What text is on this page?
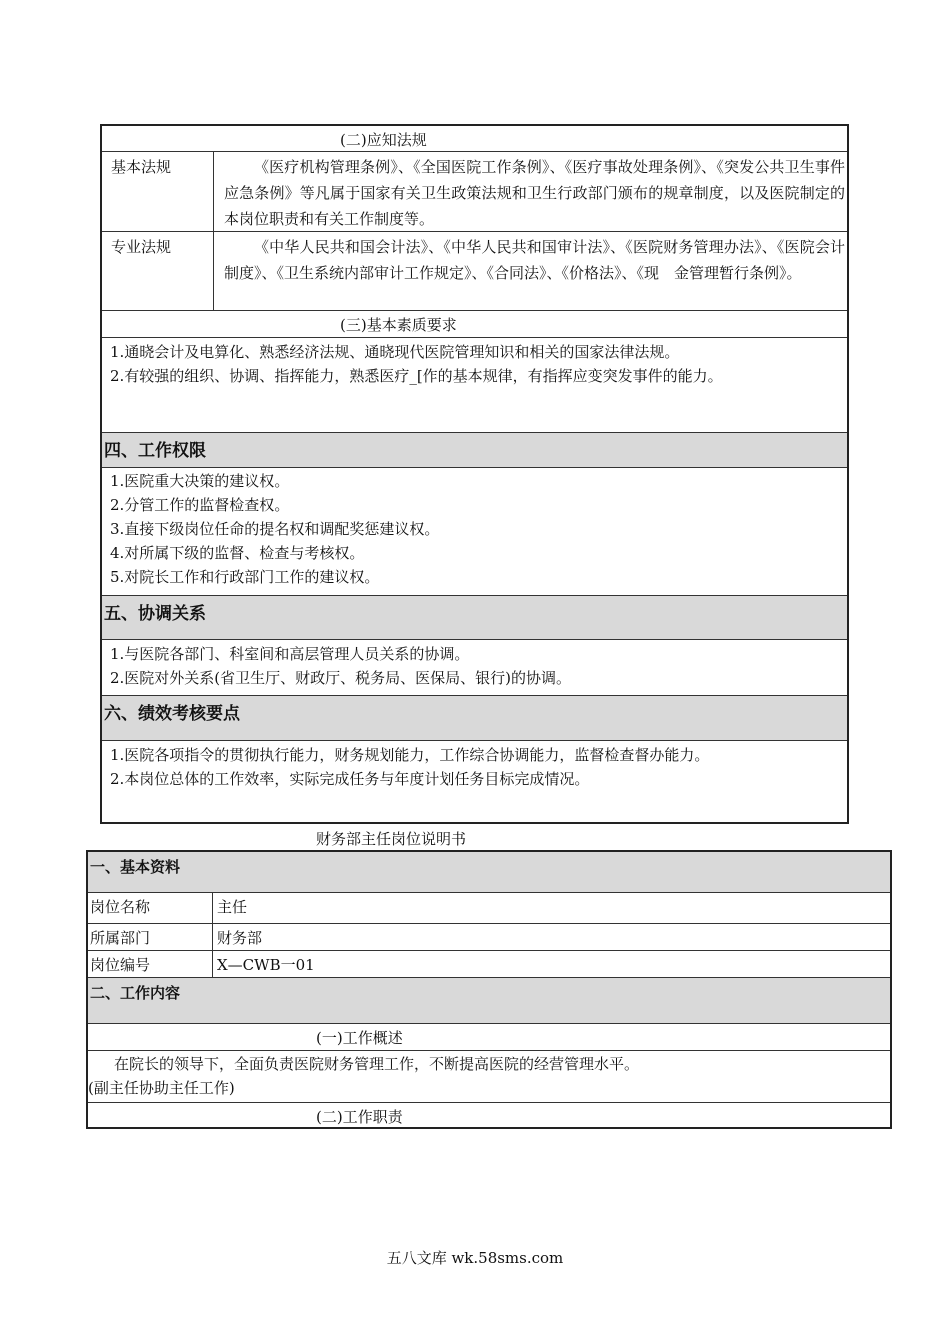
(二)应知法规
基本法规	《医疗机构管理条例》、《全国医院工作条例》、《医疗事故处理条例》、《突发公共卫生事件应急条例》等凡属于国家有关卫生政策法规和卫生行政部门颁布的规章制度，以及医院制定的本岗位职责和有关工作制度等。
专业法规	《中华人民共和国会计法》、《中华人民共和国审计法》、《医院财务管理办法》、《医院会计制度》、《卫生系统内部审计工作规定》、《合同法》、《价格法》、《现　金管理暂行条例》。
(三)基本素质要求
1.通晓会计及电算化、熟悉经济法规、通晓现代医院管理知识和相关的国家法律法规。
2.有较强的组织、协调、指挥能力，熟悉医疗_[作的基本规律，有指挥应变突发事件的能力。
四、工作权限
1.医院重大决策的建议权。
2.分管工作的监督检查权。
3.直接下级岗位任命的提名权和调配奖惩建议权。
4.对所属下级的监督、检查与考核权。
5.对院长工作和行政部门工作的建议权。
五、协调关系
1.与医院各部门、科室间和高层管理人员关系的协调。
2.医院对外关系(省卫生厅、财政厅、税务局、医保局、银行)的协调。
六、绩效考核要点
1.医院各项指令的贯彻执行能力，财务规划能力，工作综合协调能力，监督检查督办能力。
2.本岗位总体的工作效率，实际完成任务与年度计划任务目标完成情况。
财务部主任岗位说明书
一、基本资料
岗位名称	主任
所属部门	财务部
岗位编号	X—CWB一01
二、工作内容
(一)工作概述
在院长的领导下，全面负责医院财务管理工作，不断提高医院的经营管理水平。
(副主任协助主任工作)
(二)工作职责
五八文库 wk.58sms.com
